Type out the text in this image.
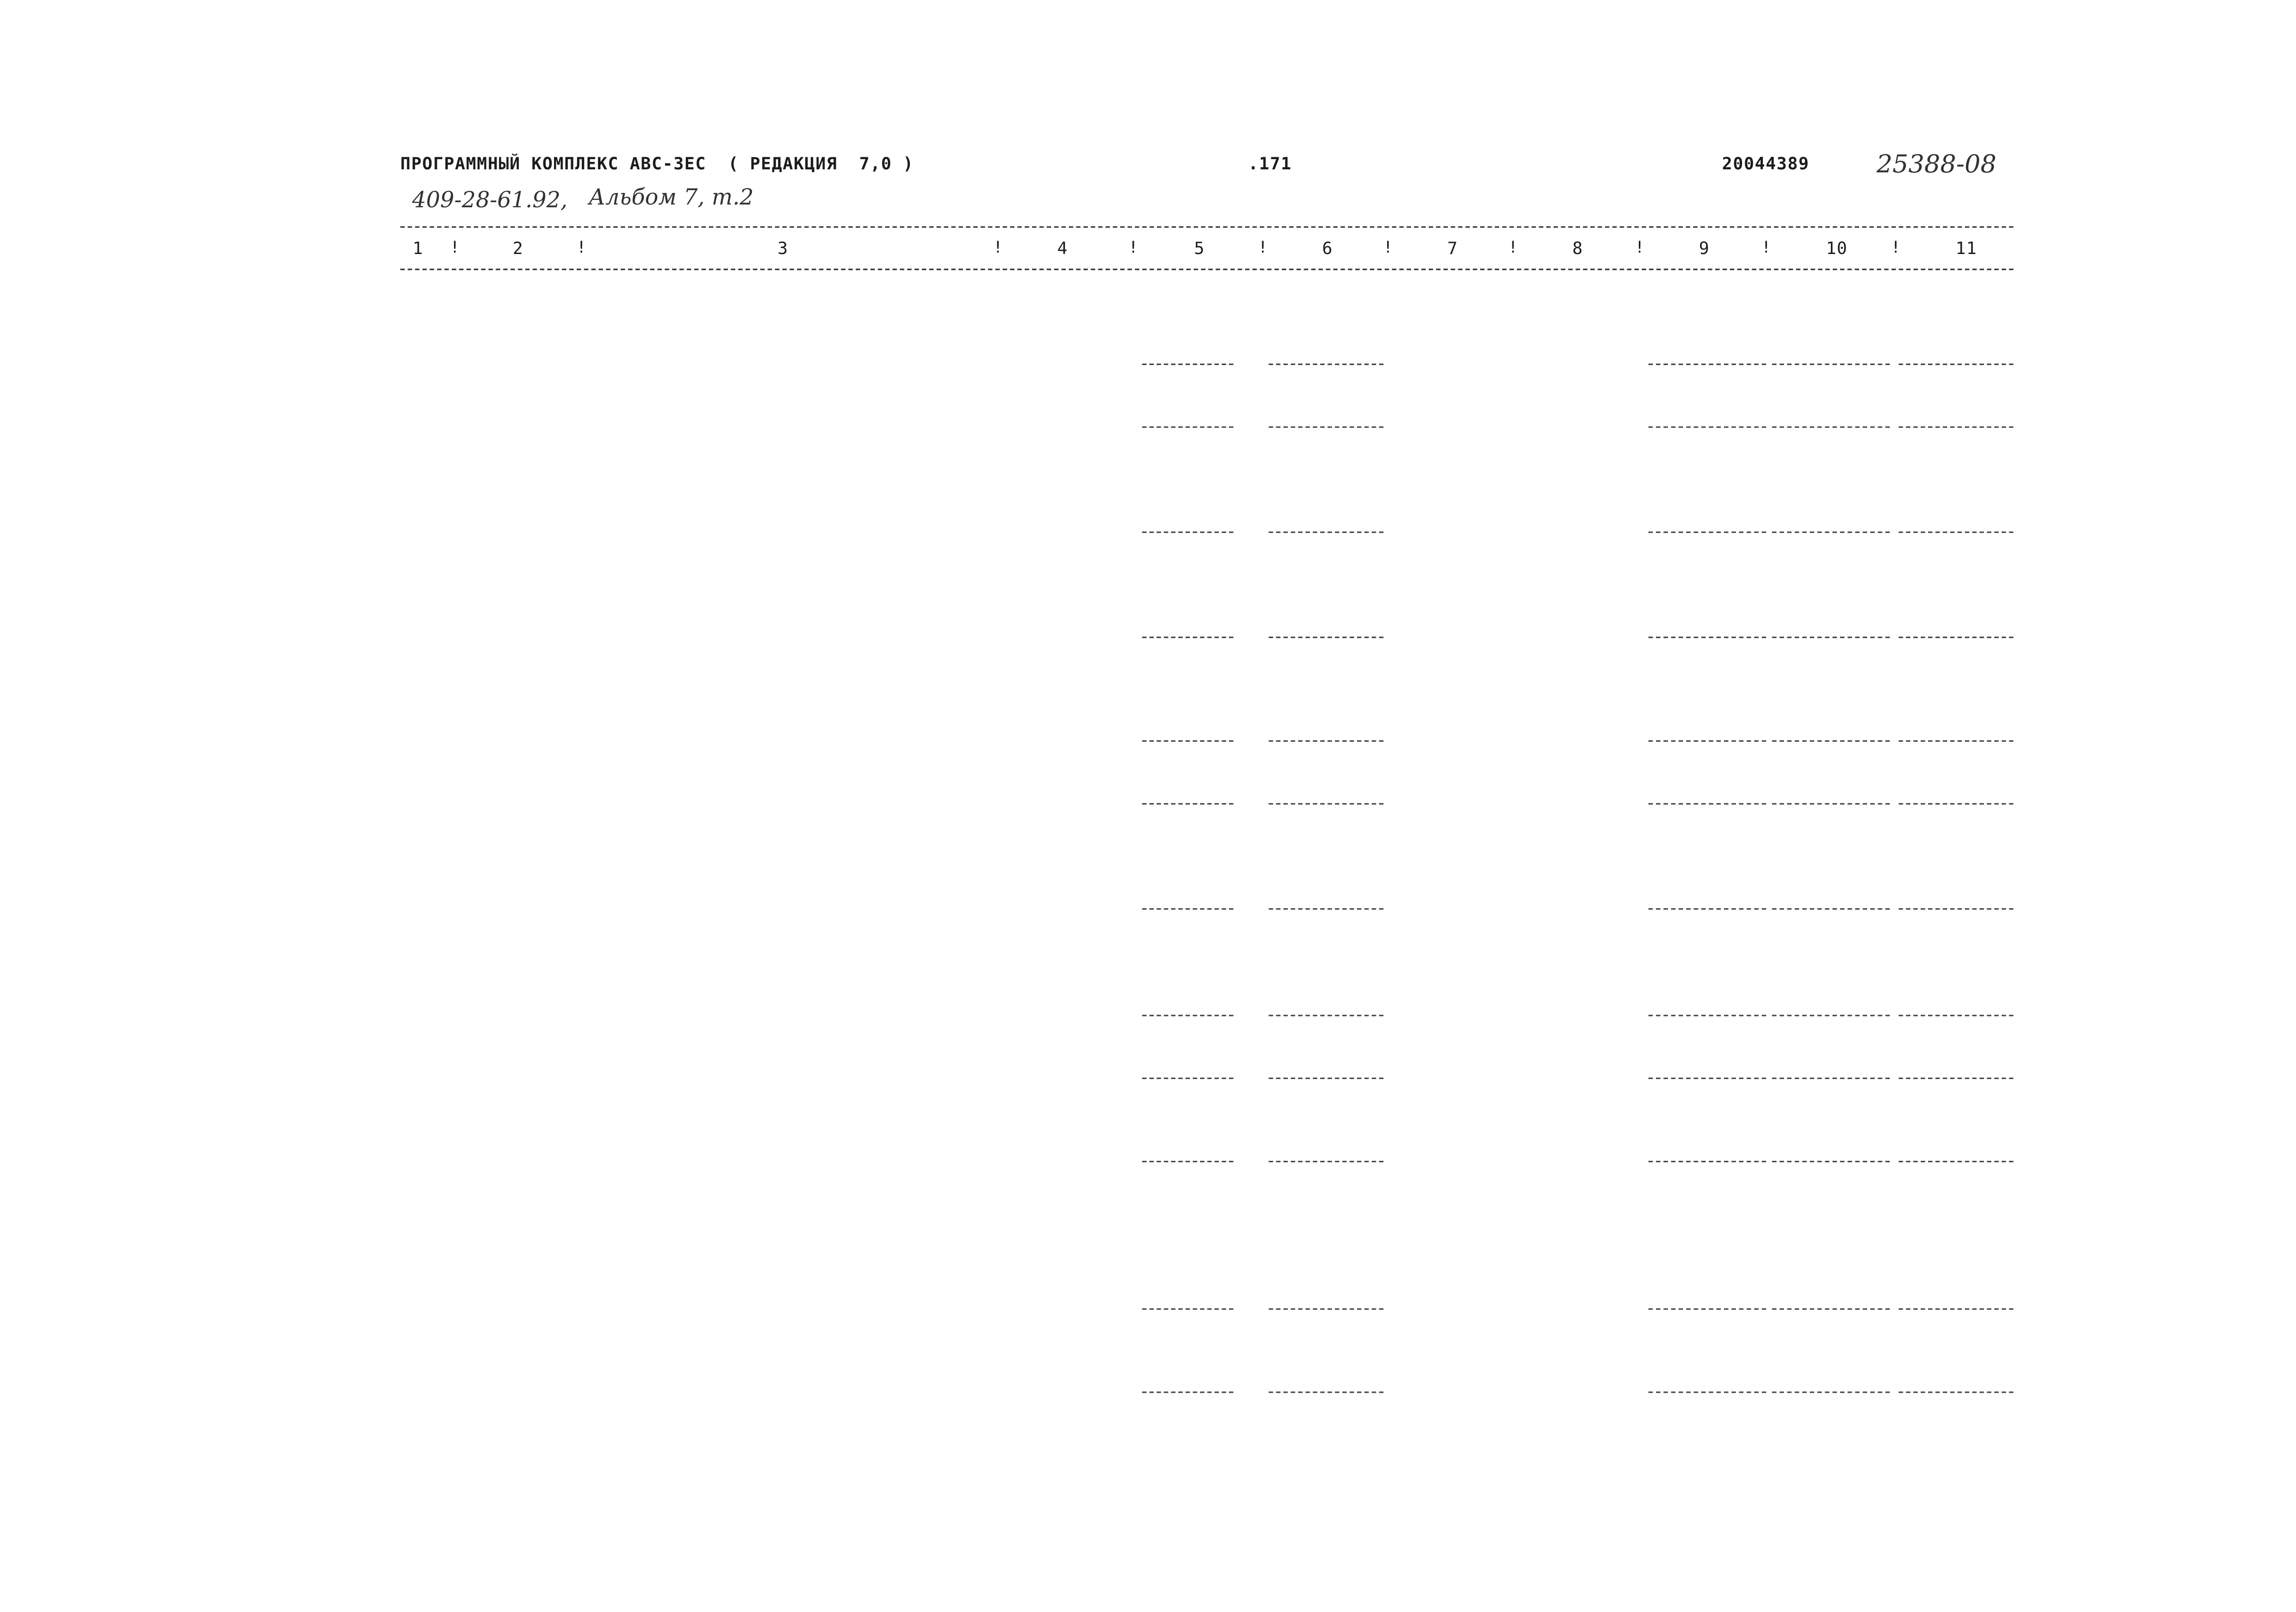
ПРОГРАММНЫЙ КОМПЛЕКС АВС-ЗЕС  ( РЕДАКЦИЯ  7,0 )	.171	20044389	25388-08
409-28-61.92,	Альбом 7, т.2
1	2	3	4	5	6	7	8	9	10	11
!	!	!	!	!	!	!	!	!	!
